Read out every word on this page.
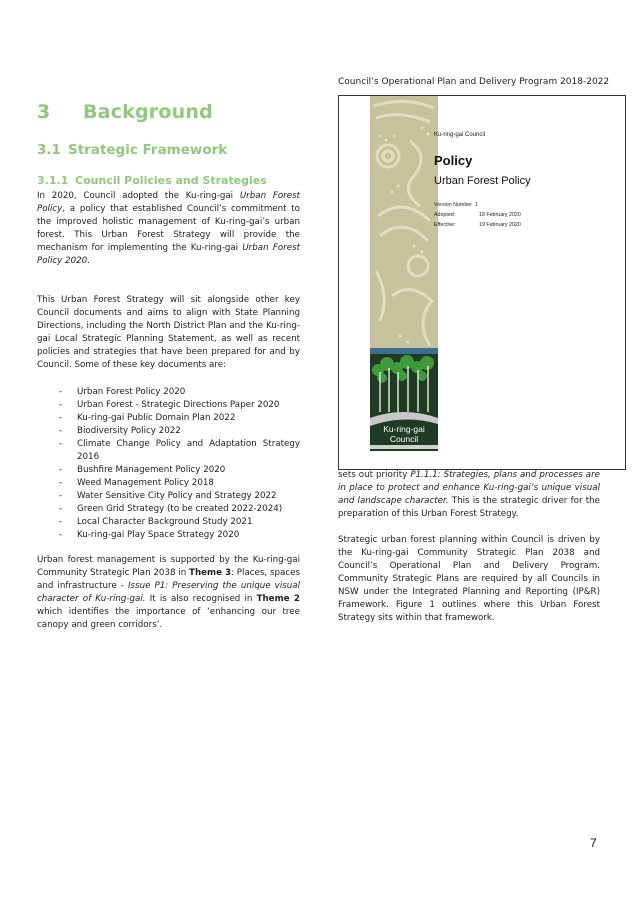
Council’s Operational Plan and Delivery Program 2018-2022
3 Background
3.1 Strategic Framework
3.1.1 Council Policies and Strategies
In 2020, Council adopted the Ku-ring-gai Urban Forest Policy, a policy that established Council’s commitment to the improved holistic management of Ku-ring-gai’s urban forest. This Urban Forest Strategy will provide the mechanism for implementing the Ku-ring-gai Urban Forest Policy 2020.
This Urban Forest Strategy will sit alongside other key Council documents and aims to align with State Planning Directions, including the North District Plan and the Ku-ring-gai Local Strategic Planning Statement, as well as recent policies and strategies that have been prepared for and by Council. Some of these key documents are:
- Urban Forest Policy 2020
- Urban Forest - Strategic Directions Paper 2020
- Ku-ring-gai Public Domain Plan 2022
- Biodiversity Policy 2022
- Climate Change Policy and Adaptation Strategy 2016
- Bushfire Management Policy 2020
- Weed Management Policy 2018
- Water Sensitive City Policy and Strategy 2022
- Green Grid Strategy (to be created 2022-2024)
- Local Character Background Study 2021
- Ku-ring-gai Play Space Strategy 2020
Urban forest management is supported by the Ku-ring-gai Community Strategic Plan 2038 in Theme 3: Places, spaces and infrastructure - Issue P1: Preserving the unique visual character of Ku-ring-gai. It is also recognised in Theme 2 which identifies the importance of ‘enhancing our tree canopy and green corridors’.
Ku-ring-gai
Council
Ku-ring-gai Council
Policy
Urban Forest Policy
Version Number 1
Adopted:	18 February 2020
Effective:	19 February 2020
sets out priority P1.1.1: Strategies, plans and processes are in place to protect and enhance Ku-ring-gai’s unique visual and landscape character. This is the strategic driver for the preparation of this Urban Forest Strategy.
Strategic urban forest planning within Council is driven by the Ku-ring-gai Community Strategic Plan 2038 and Council’s Operational Plan and Delivery Program. Community Strategic Plans are required by all Councils in NSW under the Integrated Planning and Reporting (IP&R) Framework. Figure 1 outlines where this Urban Forest Strategy sits within that framework.
7
